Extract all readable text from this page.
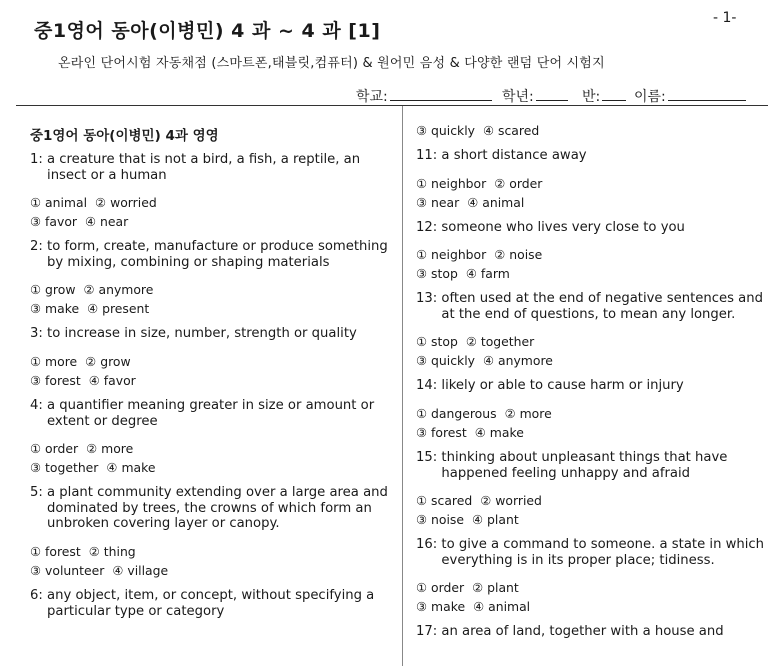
중1영어 동아(이병민) 4 과 ~ 4 과 [1]
- 1-
온라인 단어시험 자동채점 (스마트폰,태블릿,컴퓨터) & 원어민 음성 & 다양한 랜덤 단어 시험지
학교:	학년:	반:	이름:
중1영어 동아(이병민) 4과 영영
1: a creature that is not a bird, a fish, a reptile, an insect or a human
① animal ② worried
③ favor ④ near
2: to form, create, manufacture or produce something by mixing, combining or shaping materials
① grow ② anymore
③ make ④ present
3: to increase in size, number, strength or quality
① more ② grow
③ forest ④ favor
4: a quantifier meaning greater in size or amount or extent or degree
① order ② more
③ together ④ make
5: a plant community extending over a large area and dominated by trees, the crowns of which form an unbroken covering layer or canopy.
① forest ② thing
③ volunteer ④ village
6: any object, item, or concept, without specifying a particular type or category
③ quickly ④ scared
11: a short distance away
① neighbor ② order
③ near ④ animal
12: someone who lives very close to you
① neighbor ② noise
③ stop ④ farm
13: often used at the end of negative sentences and at the end of questions, to mean any longer.
① stop ② together
③ quickly ④ anymore
14: likely or able to cause harm or injury
① dangerous ② more
③ forest ④ make
15: thinking about unpleasant things that have happened feeling unhappy and afraid
① scared ② worried
③ noise ④ plant
16: to give a command to someone. a state in which everything is in its proper place; tidiness.
① order ② plant
③ make ④ animal
17: an area of land, together with a house and
